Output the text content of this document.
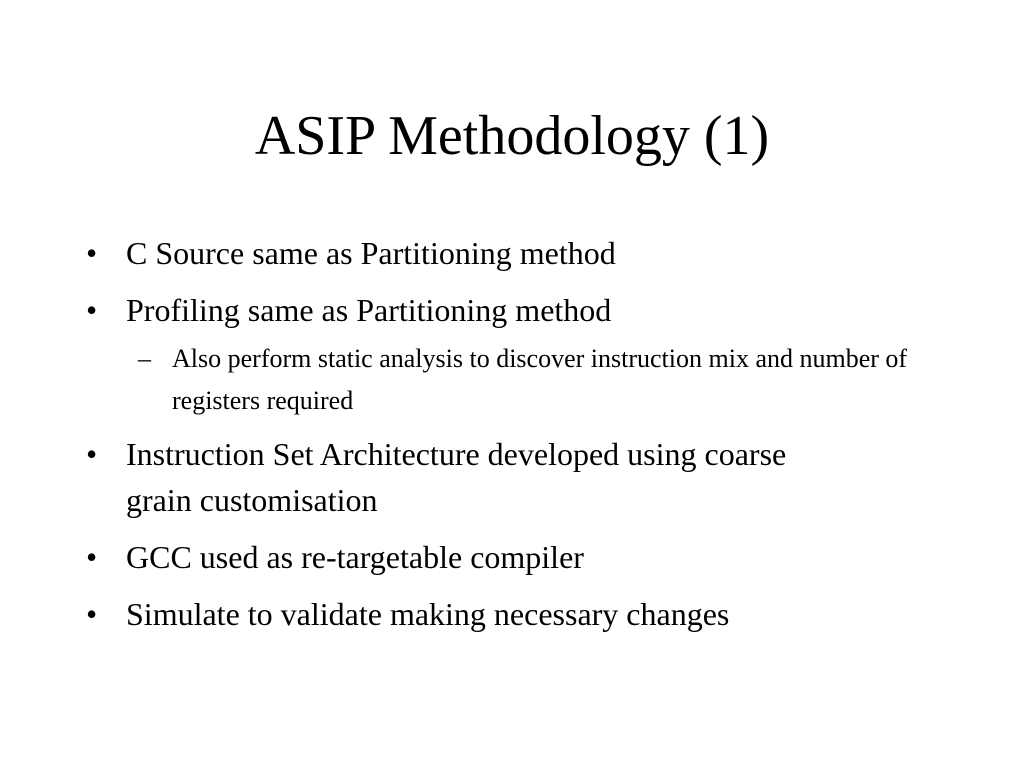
ASIP Methodology (1)
• C Source same as Partitioning method
• Profiling same as Partitioning method
– Also perform static analysis to discover instruction mix and number of registers required
• Instruction Set Architecture developed using coarse grain customisation
• GCC used as re-targetable compiler
• Simulate to validate making necessary changes
